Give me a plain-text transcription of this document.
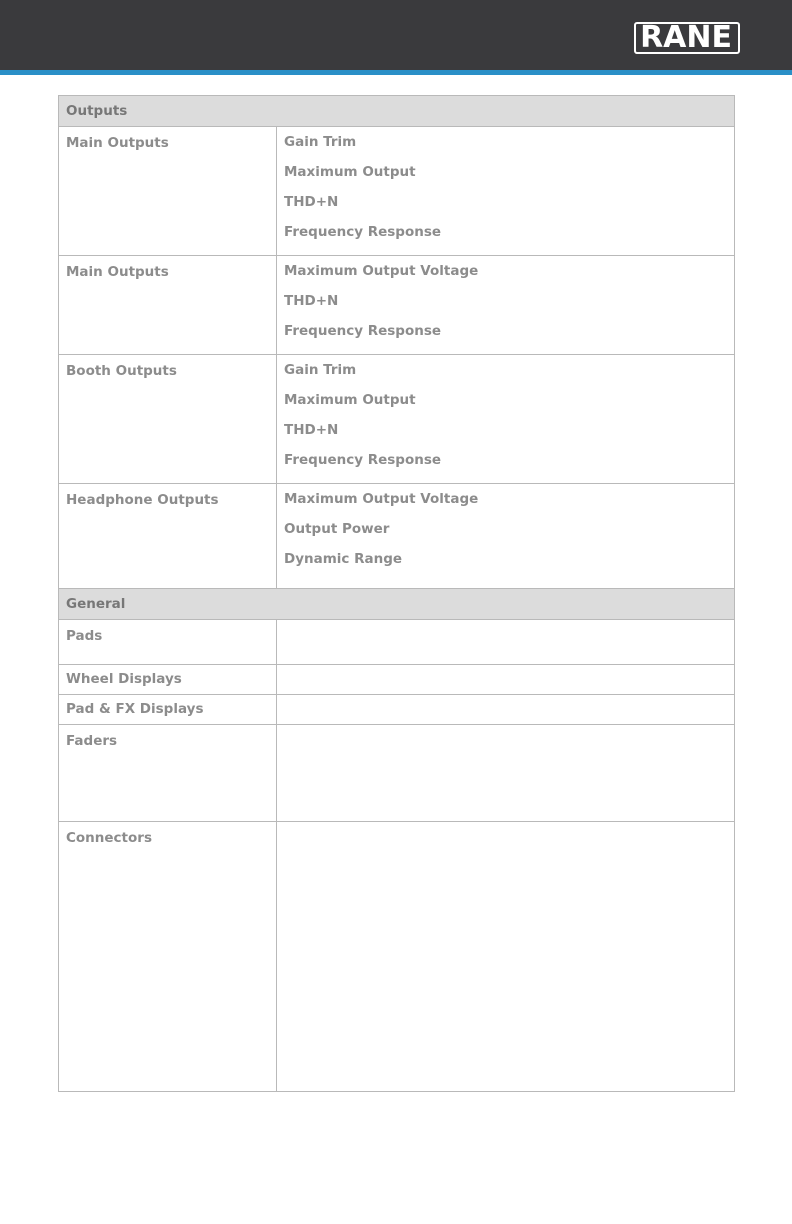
RANE
Outputs	
Main Outputs	Gain Trim
Maximum Output
THD+N
Frequency Response

Main Outputs	Maximum Output Voltage
THD+N
Frequency Response

Booth Outputs	Gain Trim
Maximum Output
THD+N
Frequency Response

Headphone Outputs	Maximum Output Voltage
Output Power
Dynamic Range

General	
Pads	
Wheel Displays	
Pad & FX Displays	
Faders	
Connectors	
